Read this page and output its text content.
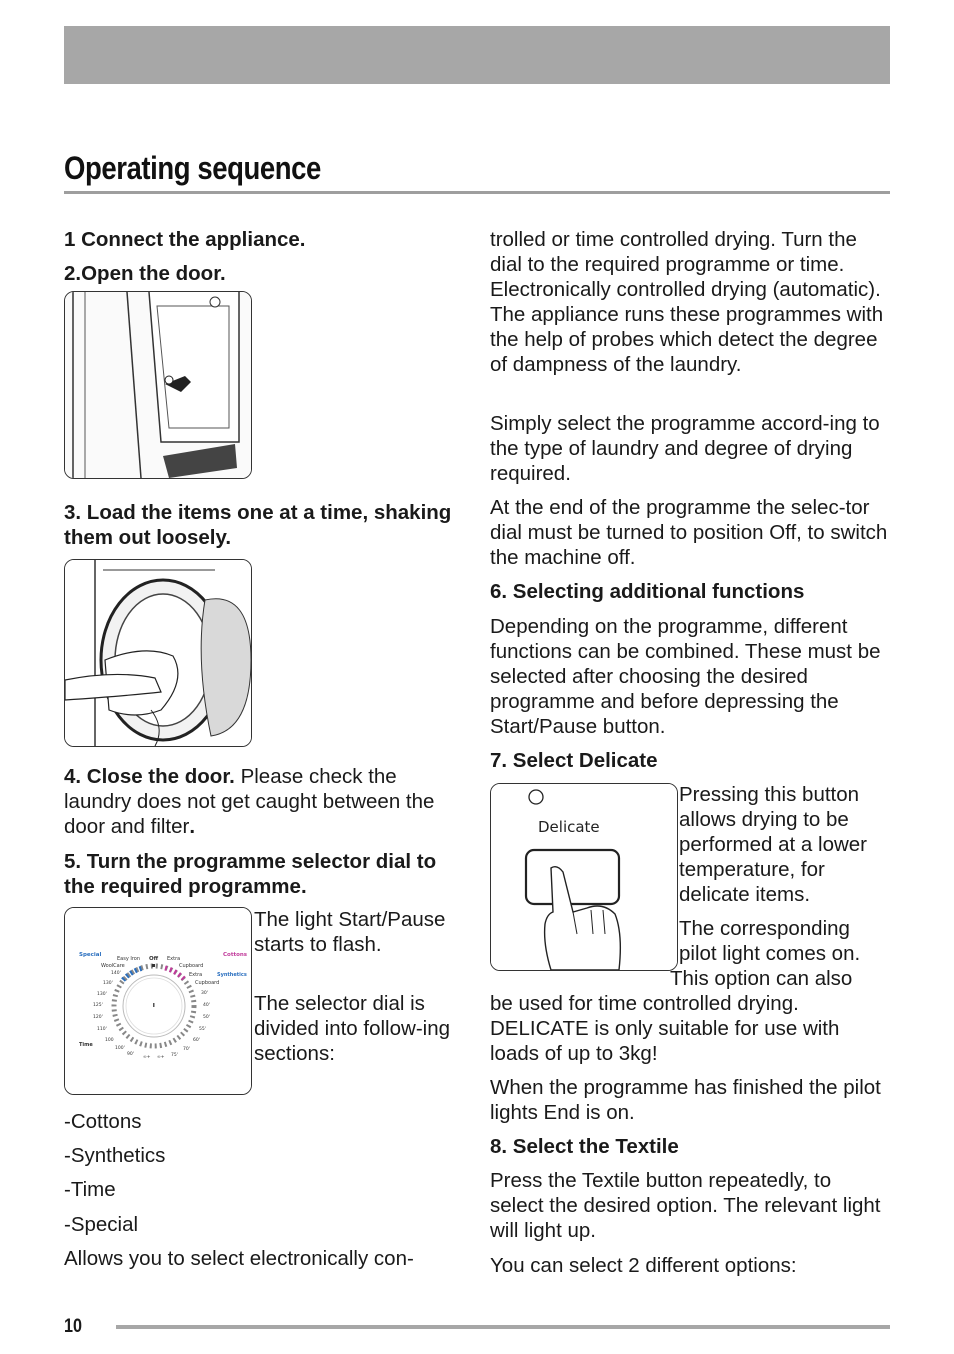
Operating sequence
1 Connect the appliance.
2.Open the door.
3. Load the items one at a time, shaking them out loosely.
4. Close the door. Please check the laundry does not get caught between the door and filter.
5. Turn the programme selector dial to the required programme.
Special	Cottons
Synthetics
Time
Easy Iron
WoolCare
Off Extra
Cupboard
Extra
Cupboard
140'
130'
130'
125'
120'
110'
100
100'
90'
30'
40'
50'
55'
60'
70'
75'
∞+ ∞+
The light Start/Pause starts to flash.
The selector dial is divided into follow-ing sections:
-Cottons
-Synthetics
-Time
-Special
Allows you to select electronically con-
trolled or time controlled drying. Turn the dial to the required programme or time. Electronically controlled drying (automatic). The appliance runs these programmes with the help of probes which detect the degree of dampness of the laundry.
Simply select the programme accord-ing to the type of laundry and degree of drying required.
At the end of the programme the selec-tor dial must be turned to position Off, to switch the machine off.
6. Selecting additional functions
Depending on the programme, different functions can be combined. These must be selected after choosing the desired programme and before depressing the Start/Pause button.
7. Select Delicate
Delicate
Pressing this button allows drying to be performed at a lower temperature, for delicate items.
The corresponding pilot light comes on.
This option can also
be used for time controlled drying. DELICATE is only suitable for use with loads of up to 3kg!
When the programme has finished the pilot lights End is on.
8. Select the Textile
Press the Textile button repeatedly, to select the desired option. The relevant light will light up.
You can select 2 different options:
10
